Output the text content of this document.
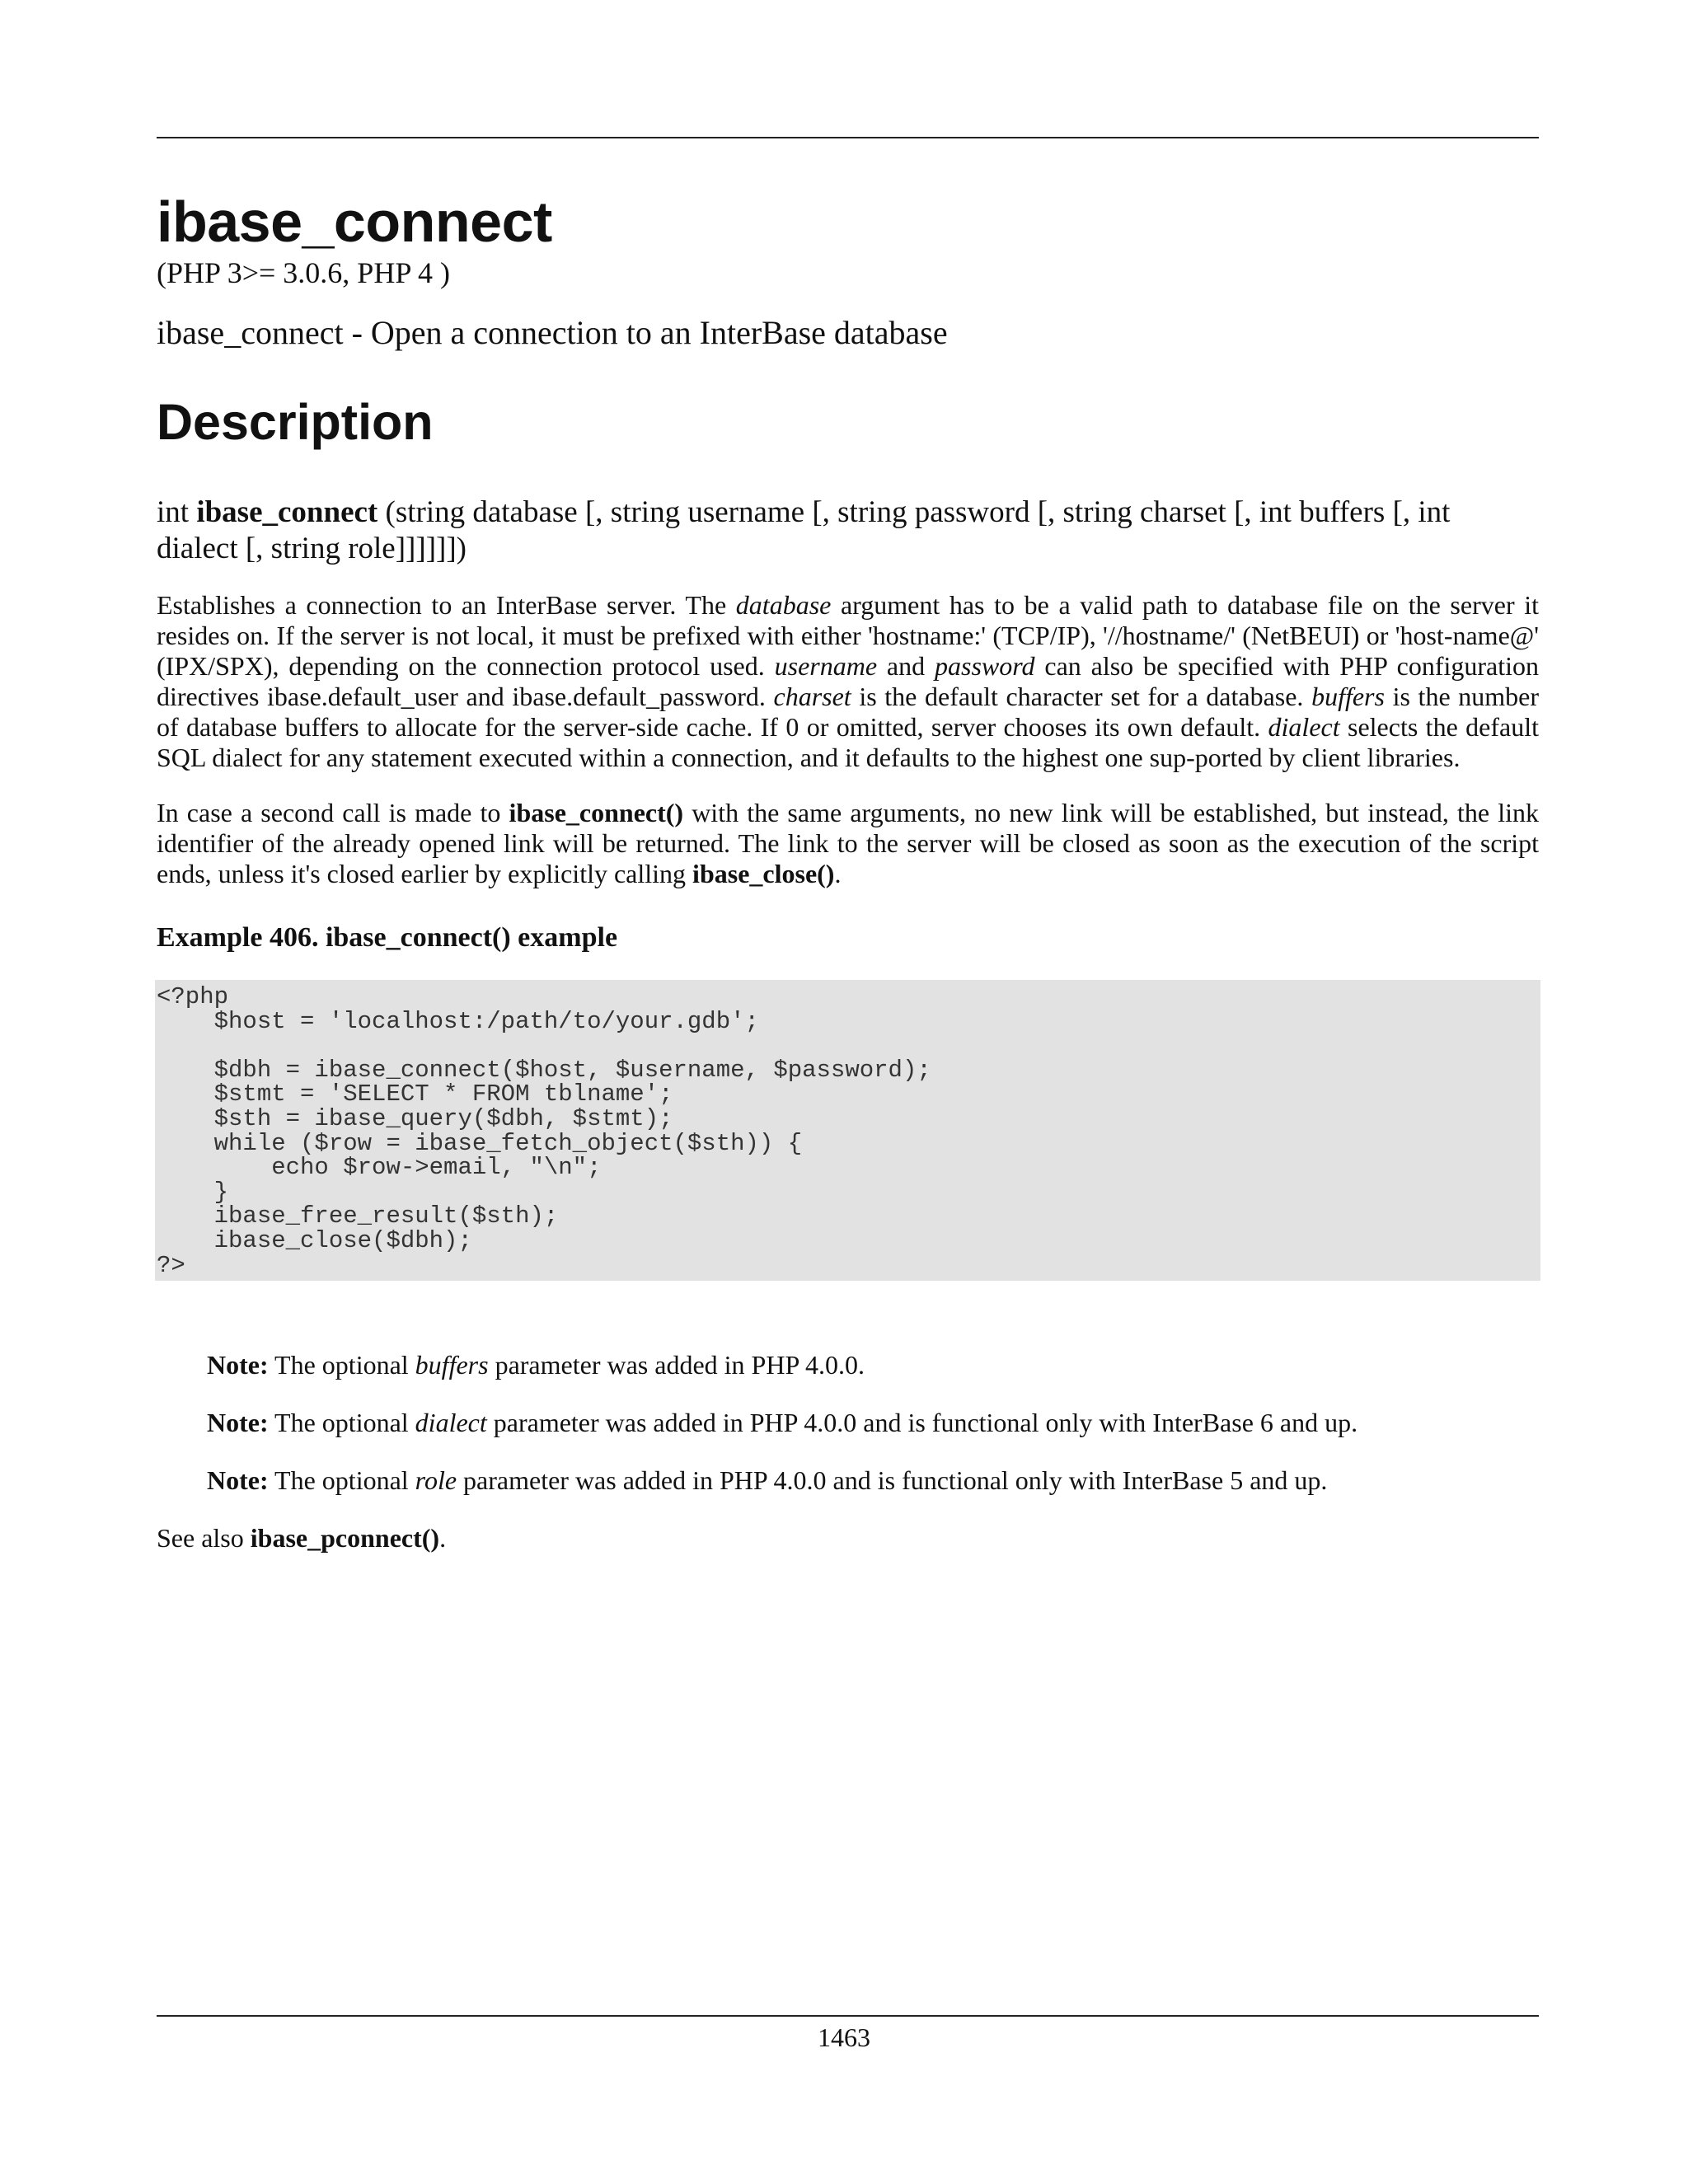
ibase_connect

(PHP 3>= 3.0.6, PHP 4 )

ibase_connect - Open a connection to an InterBase database

Description

int ibase_connect (string database [, string username [, string password [, string charset [, int buffers [, int dialect [, string role]]]]]])

Establishes a connection to an InterBase server. The database argument has to be a valid path to database file on the server it resides on. If the server is not local, it must be prefixed with either 'hostname:' (TCP/IP), '//hostname/' (NetBEUI) or 'host-name@' (IPX/SPX), depending on the connection protocol used. username and password can also be specified with PHP configuration directives ibase.default_user and ibase.default_password. charset is the default character set for a database. buffers is the number of database buffers to allocate for the server-side cache. If 0 or omitted, server chooses its own default. dialect selects the default SQL dialect for any statement executed within a connection, and it defaults to the highest one sup-ported by client libraries.

In case a second call is made to ibase_connect() with the same arguments, no new link will be established, but instead, the link identifier of the already opened link will be returned. The link to the server will be closed as soon as the execution of the script ends, unless it's closed earlier by explicitly calling ibase_close().

Example 406. ibase_connect() example

<?php
$host = 'localhost:/path/to/your.gdb';

$dbh = ibase_connect($host, $username, $password);
$stmt = 'SELECT * FROM tblname';
$sth = ibase_query($dbh, $stmt);
while ($row = ibase_fetch_object($sth)) {
echo $row->email, "\n";
}
ibase_free_result($sth);
ibase_close($dbh);
?>

Note: The optional buffers parameter was added in PHP 4.0.0.

Note: The optional dialect parameter was added in PHP 4.0.0 and is functional only with InterBase 6 and up.

Note: The optional role parameter was added in PHP 4.0.0 and is functional only with InterBase 5 and up.

See also ibase_pconnect().

1463
